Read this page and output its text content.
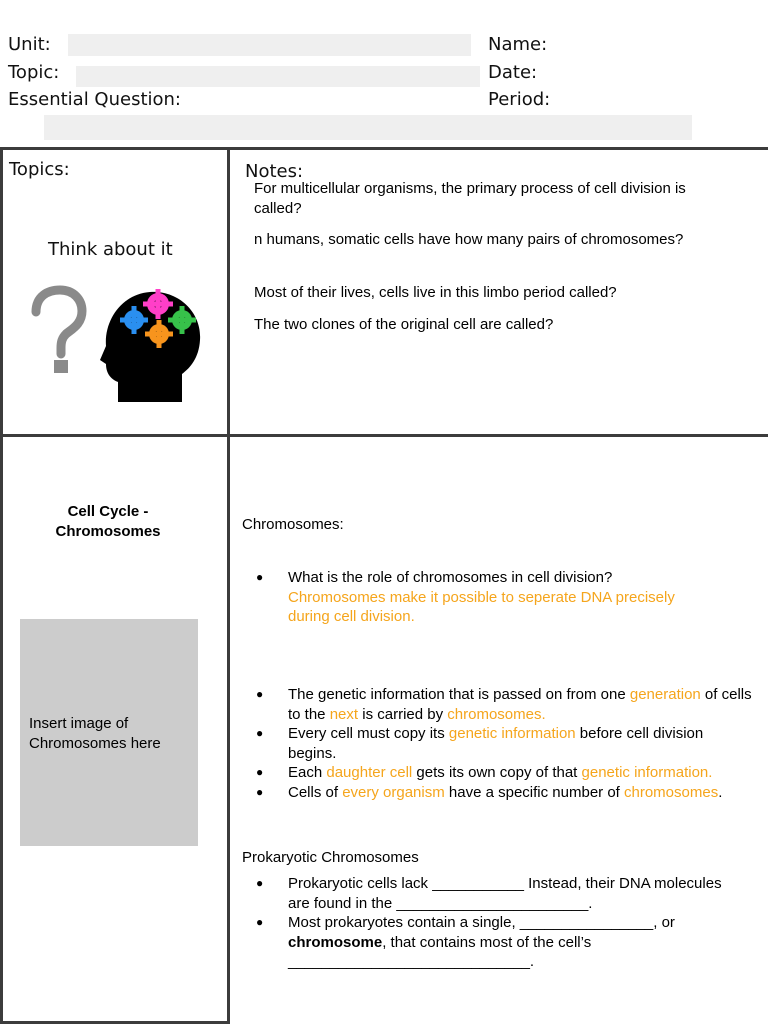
Unit:
Topic:
Essential Question:
Name:
Date:
Period:
Topics:
Think about it
Notes:
For multicellular organisms, the primary process of cell division is called?
n humans, somatic cells have how many pairs of chromosomes?
Most of their lives, cells live in this limbo period called?
The two clones of the original cell are called?
Cell Cycle - Chromosomes
Insert image of Chromosomes here
Chromosomes:
● What is the role of chromosomes in cell division?
Chromosomes make it possible to seperate DNA precisely during cell division.
● The genetic information that is passed on from one generation of cells to the next is carried by chromosomes.
● Every cell must copy its genetic information before cell division begins.
● Each daughter cell gets its own copy of that genetic information.
● Cells of every organism have a specific number of chromosomes.
Prokaryotic Chromosomes
● Prokaryotic cells lack ___________ Instead, their DNA molecules are found in the _______________________.
● Most prokaryotes contain a single, ________________, or chromosome, that contains most of the cell’s _____________________________.
